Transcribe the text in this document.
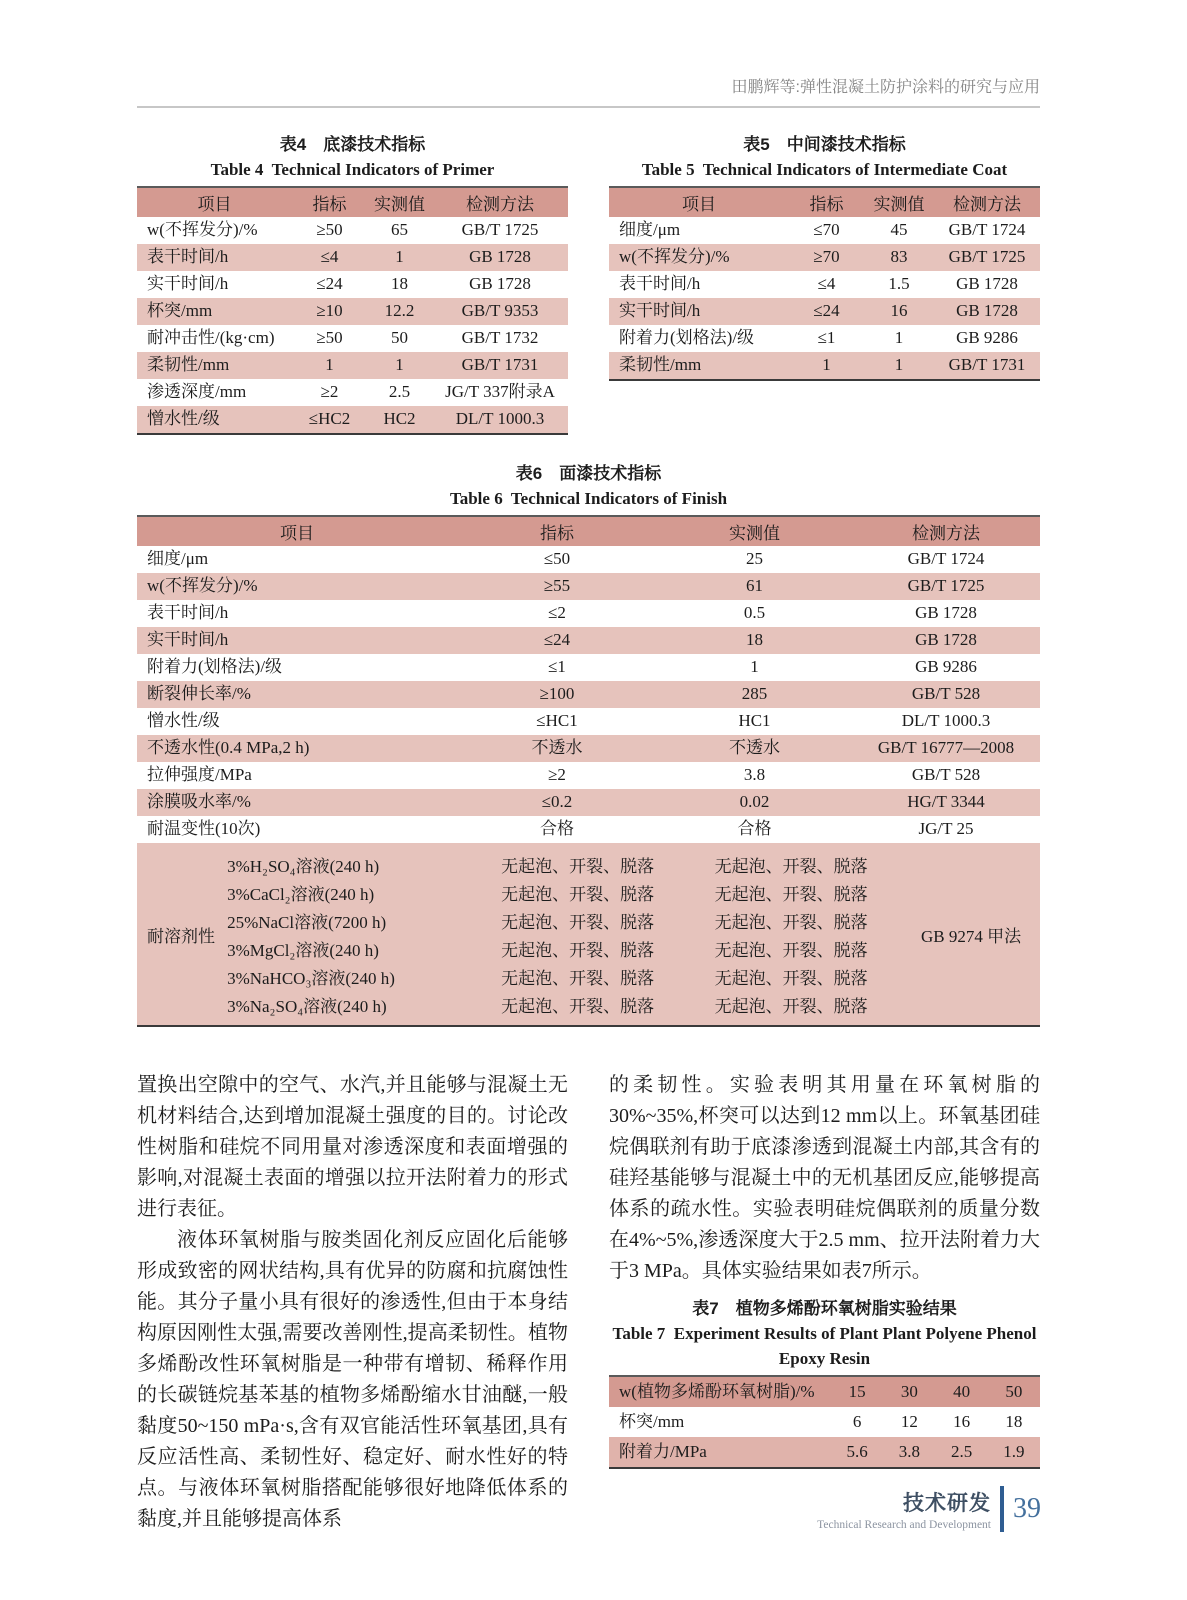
田鹏辉等:弹性混凝土防护涂料的研究与应用
表4　底漆技术指标
Table 4  Technical Indicators of Primer
项目	指标	实测值	检测方法
w(不挥发分)/%	≥50	65	GB/T 1725
表干时间/h	≤4	1	GB 1728
实干时间/h	≤24	18	GB 1728
杯突/mm	≥10	12.2	GB/T 9353
耐冲击性/(kg·cm)	≥50	50	GB/T 1732
柔韧性/mm	1	1	GB/T 1731
渗透深度/mm	≥2	2.5	JG/T 337附录A
憎水性/级	≤HC2	HC2	DL/T 1000.3
表5　中间漆技术指标
Table 5  Technical Indicators of Intermediate Coat
项目	指标	实测值	检测方法
细度/μm	≤70	45	GB/T 1724
w(不挥发分)/%	≥70	83	GB/T 1725
表干时间/h	≤4	1.5	GB 1728
实干时间/h	≤24	16	GB 1728
附着力(划格法)/级	≤1	1	GB 9286
柔韧性/mm	1	1	GB/T 1731
表6　面漆技术指标
Table 6  Technical Indicators of Finish
项目	指标	实测值	检测方法
细度/μm	≤50	25	GB/T 1724
w(不挥发分)/%	≥55	61	GB/T 1725
表干时间/h	≤2	0.5	GB 1728
实干时间/h	≤24	18	GB 1728
附着力(划格法)/级	≤1	1	GB 9286
断裂伸长率/%	≥100	285	GB/T 528
憎水性/级	≤HC1	HC1	DL/T 1000.3
不透水性(0.4 MPa,2 h)	不透水	不透水	GB/T 16777—2008
拉伸强度/MPa	≥2	3.8	GB/T 528
涂膜吸水率/%	≤0.2	0.02	HG/T 3344
耐温变性(10次)	合格	合格	JG/T 25
耐溶剂性
3%H₂SO₄溶液(240 h)	无起泡、开裂、脱落	无起泡、开裂、脱落
3%CaCl₂溶液(240 h)	无起泡、开裂、脱落	无起泡、开裂、脱落
25%NaCl溶液(7200 h)	无起泡、开裂、脱落	无起泡、开裂、脱落
3%MgCl₂溶液(240 h)	无起泡、开裂、脱落	无起泡、开裂、脱落
3%NaHCO₃溶液(240 h)	无起泡、开裂、脱落	无起泡、开裂、脱落
3%Na₂SO₄溶液(240 h)	无起泡、开裂、脱落	无起泡、开裂、脱落
GB 9274 甲法

置换出空隙中的空气、水汽,并且能够与混凝土无机材料结合,达到增加混凝土强度的目的。讨论改性树脂和硅烷不同用量对渗透深度和表面增强的影响,对混凝土表面的增强以拉开法附着力的形式进行表征。

液体环氧树脂与胺类固化剂反应固化后能够形成致密的网状结构,具有优异的防腐和抗腐蚀性能。其分子量小具有很好的渗透性,但由于本身结构原因刚性太强,需要改善刚性,提高柔韧性。植物多烯酚改性环氧树脂是一种带有增韧、稀释作用的长碳链烷基苯基的植物多烯酚缩水甘油醚,一般黏度50~150 mPa·s,含有双官能活性环氧基团,具有反应活性高、柔韧性好、稳定好、耐水性好的特点。与液体环氧树脂搭配能够很好地降低体系的黏度,并且能够提高体系

的柔韧性。实验表明其用量在环氧树脂的30%~35%,杯突可以达到12 mm以上。环氧基团硅烷偶联剂有助于底漆渗透到混凝土内部,其含有的硅羟基能够与混凝土中的无机基团反应,能够提高体系的疏水性。实验表明硅烷偶联剂的质量分数在4%~5%,渗透深度大于2.5 mm、拉开法附着力大于3 MPa。具体实验结果如表7所示。

表7　植物多烯酚环氧树脂实验结果
Table 7  Experiment Results of Plant Plant Polyene Phenol Epoxy Resin
w(植物多烯酚环氧树脂)/%	15	30	40	50
杯突/mm	6	12	16	18
附着力/MPa	5.6	3.8	2.5	1.9
技术研发
Technical Research and Development
39
